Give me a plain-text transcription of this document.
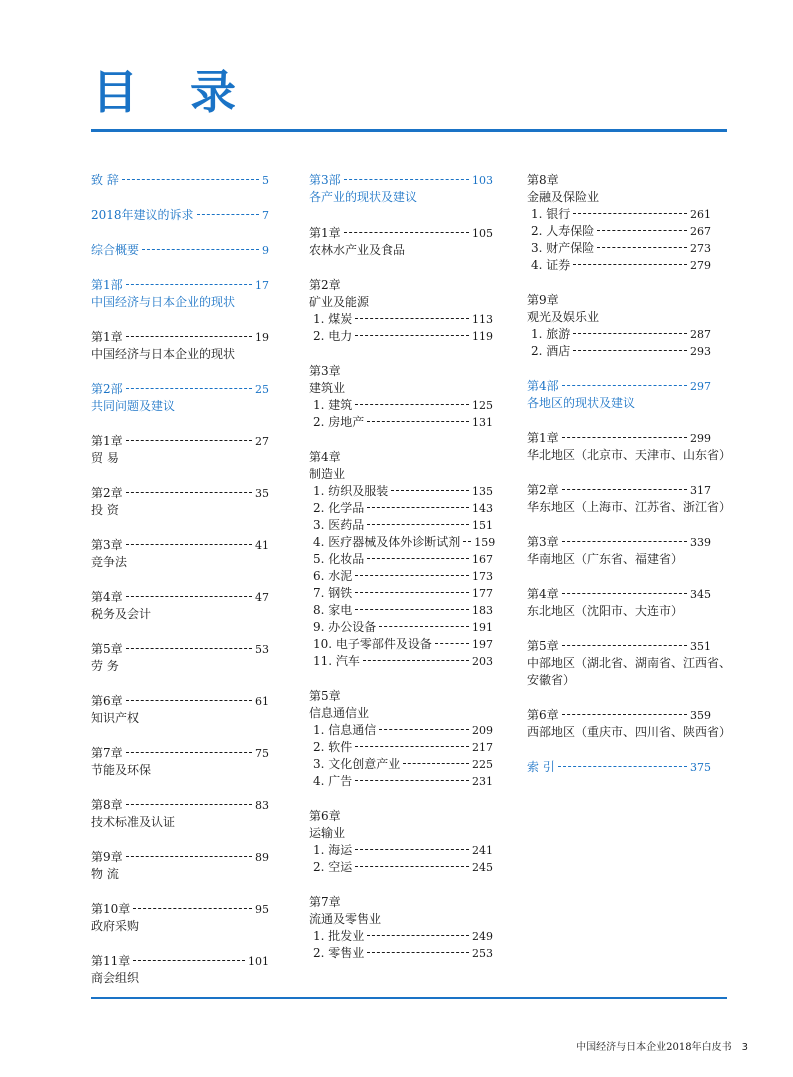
目 录
致 辞	5
2018年建议的诉求	7
综合概要	9
第1部	17
中国经济与日本企业的现状
第1章	19
中国经济与日本企业的现状
第2部	25
共同问题及建议
第1章	27
贸 易
第2章	35
投 资
第3章	41
竞争法
第4章	47
税务及会计
第5章	53
劳 务
第6章	61
知识产权
第7章	75
节能及环保
第8章	83
技术标准及认证
第9章	89
物 流
第10章	95
政府采购
第11章	101
商会组织
第3部	103
各产业的现状及建议
第1章	105
农林水产业及食品
第2章
矿业及能源
1. 煤炭	113
2. 电力	119
第3章
建筑业
1. 建筑	125
2. 房地产	131
第4章
制造业
1. 纺织及服装	135
2. 化学品	143
3. 医药品	151
4. 医疗器械及体外诊断试剂 159
5. 化妆品	167
6. 水泥	173
7. 钢铁	177
8. 家电	183
9. 办公设备	191
10. 电子零部件及设备	197
11. 汽车	203
第5章
信息通信业
1. 信息通信	209
2. 软件	217
3. 文化创意产业	225
4. 广告	231
第6章
运输业
1. 海运	241
2. 空运	245
第7章
流通及零售业
1. 批发业	249
2. 零售业	253
第8章
金融及保险业
1. 银行	261
2. 人寿保险	267
3. 财产保险	273
4. 证券	279
第9章
观光及娱乐业
1. 旅游	287
2. 酒店	293
第4部	297
各地区的现状及建议
第1章	299
华北地区（北京市、天津市、山东省）
第2章	317
华东地区（上海市、江苏省、浙江省）
第3章	339
华南地区（广东省、福建省）
第4章	345
东北地区（沈阳市、大连市）
第5章	351
中部地区（湖北省、湖南省、江西省、
安徽省）
第6章	359
西部地区（重庆市、四川省、陕西省）
索 引	375
中国经济与日本企业2018年白皮书 3
